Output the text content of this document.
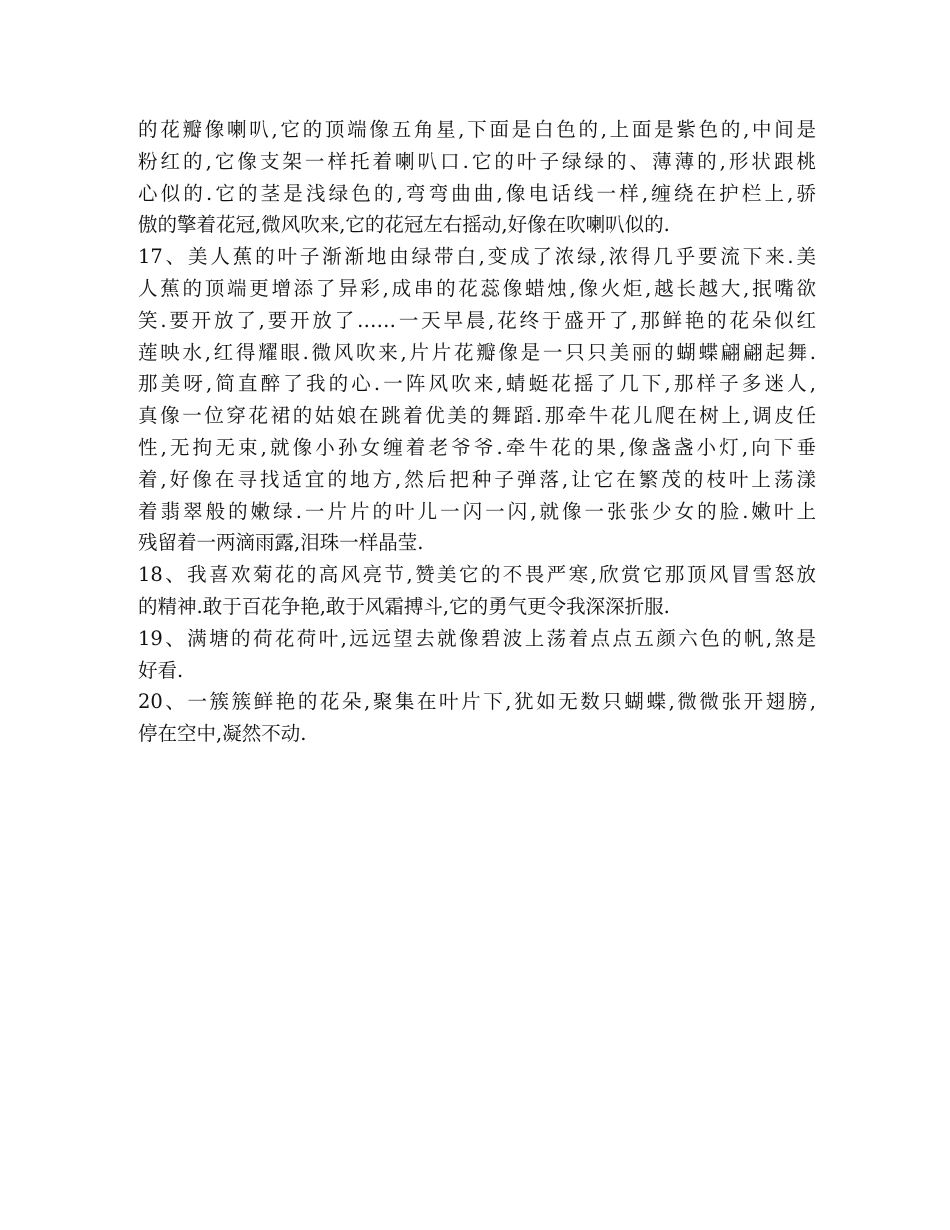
的花瓣像喇叭,它的顶端像五角星,下面是白色的,上面是紫色的,中间是
粉红的,它像支架一样托着喇叭口.它的叶子绿绿的、薄薄的,形状跟桃
心似的.它的茎是浅绿色的,弯弯曲曲,像电话线一样,缠绕在护栏上,骄
傲的擎着花冠,微风吹来,它的花冠左右摇动,好像在吹喇叭似的.
17、美人蕉的叶子渐渐地由绿带白,变成了浓绿,浓得几乎要流下来.美
人蕉的顶端更增添了异彩,成串的花蕊像蜡烛,像火炬,越长越大,抿嘴欲
笑.要开放了,要开放了……一天早晨,花终于盛开了,那鲜艳的花朵似红
莲映水,红得耀眼.微风吹来,片片花瓣像是一只只美丽的蝴蝶翩翩起舞.
那美呀,简直醉了我的心.一阵风吹来,蜻蜓花摇了几下,那样子多迷人,
真像一位穿花裙的姑娘在跳着优美的舞蹈.那牵牛花儿爬在树上,调皮任
性,无拘无束,就像小孙女缠着老爷爷.牵牛花的果,像盏盏小灯,向下垂
着,好像在寻找适宜的地方,然后把种子弹落,让它在繁茂的枝叶上荡漾
着翡翠般的嫩绿.一片片的叶儿一闪一闪,就像一张张少女的脸.嫩叶上
残留着一两滴雨露,泪珠一样晶莹.
18、我喜欢菊花的高风亮节,赞美它的不畏严寒,欣赏它那顶风冒雪怒放
的精神.敢于百花争艳,敢于风霜搏斗,它的勇气更令我深深折服.
19、满塘的荷花荷叶,远远望去就像碧波上荡着点点五颜六色的帆,煞是
好看.
20、一簇簇鲜艳的花朵,聚集在叶片下,犹如无数只蝴蝶,微微张开翅膀,
停在空中,凝然不动.
